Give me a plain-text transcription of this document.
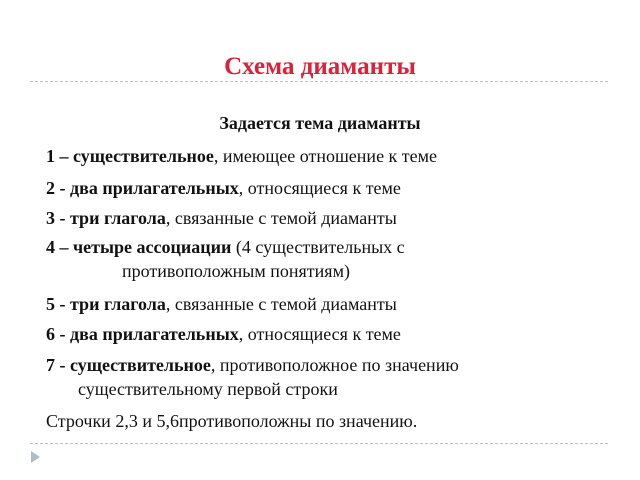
Схема диаманты
Задается тема диаманты
1 – существительное, имеющее отношение к теме
2 - два прилагательных, относящиеся к теме
3 - три глагола, связанные с темой диаманты
4 – четыре ассоциации (4 существительных с
противоположным понятиям)
5 - три глагола, связанные с темой диаманты
6 - два прилагательных, относящиеся к теме
7 - существительное, противоположное по значению
существительному первой строки
Строчки 2,3 и 5,6противоположны по значению.
